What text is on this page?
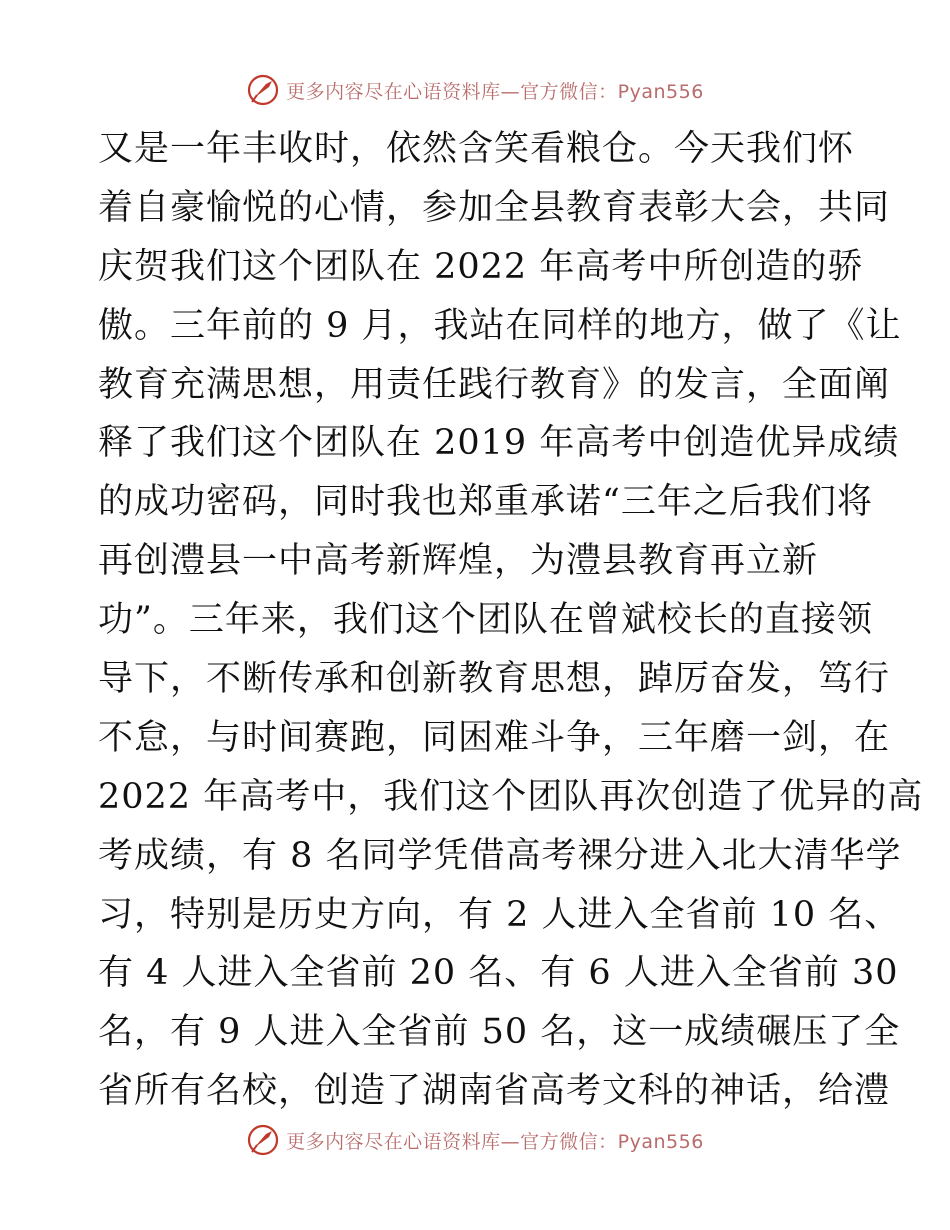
更多内容尽在心语资料库—官方微信：Pyan556
又是一年丰收时，依然含笑看粮仓。今天我们怀
着自豪愉悦的心情，参加全县教育表彰大会，共同
庆贺我们这个团队在 2022 年高考中所创造的骄
傲。三年前的 9 月，我站在同样的地方，做了《让
教育充满思想，用责任践行教育》的发言，全面阐
释了我们这个团队在 2019 年高考中创造优异成绩
的成功密码，同时我也郑重承诺“三年之后我们将
再创澧县一中高考新辉煌，为澧县教育再立新
功”。三年来，我们这个团队在曾斌校长的直接领
导下，不断传承和创新教育思想，踔厉奋发，笃行
不怠，与时间赛跑，同困难斗争，三年磨一剑，在
2022 年高考中，我们这个团队再次创造了优异的高
考成绩，有 8 名同学凭借高考裸分进入北大清华学
习，特别是历史方向，有 2 人进入全省前 10 名、
有 4 人进入全省前 20 名、有 6 人进入全省前 30
名，有 9 人进入全省前 50 名，这一成绩碾压了全
省所有名校，创造了湖南省高考文科的神话，给澧
更多内容尽在心语资料库—官方微信：Pyan556
